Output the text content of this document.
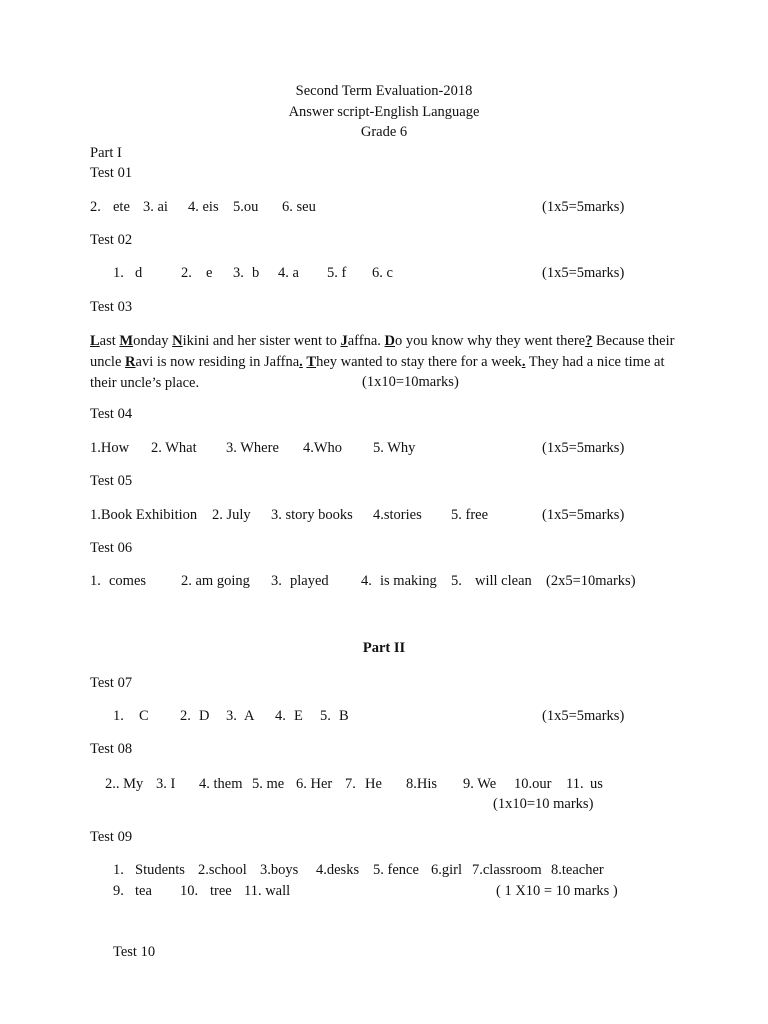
Second Term Evaluation-2018
Answer script-English Language
Grade 6
Part I
Test 01
2. ete 3. ai 4. eis 5.ou 6. seu	(1x5=5marks)
Test 02
1. d	2. e 3. b 4. a 5. f 6. c	(1x5=5marks)
Test 03
Last Monday Nikini and her sister went to Jaffna. Do you know why they went there? Because their uncle Ravi is now residing in Jaffna. They wanted to stay there for a week. They had a nice time at their uncle’s place.	(1x10=10marks)
Test 04
1.How 2. What 3. Where 4.Who 5. Why	(1x5=5marks)
Test 05
1.Book Exhibition 2. July 3. story books 4.stories 5. free	(1x5=5marks)
Test 06
1. comes 2. am going 3. played 4. is making 5. will clean (2x5=10marks)
Part II
Test 07
1. C 2. D 3. A 4. E 5. B	(1x5=5marks)
Test 08
2.. My 3. I 4. them 5. me 6. Her 7. He 8.His 9. We 10.our 11. us
(1x10=10 marks)
Test 09
1. Students 2.school 3.boys 4.desks 5. fence 6.girl 7.classroom 8.teacher
9. tea 10. tree 11. wall	( 1 X10 = 10 marks )
Test 10
